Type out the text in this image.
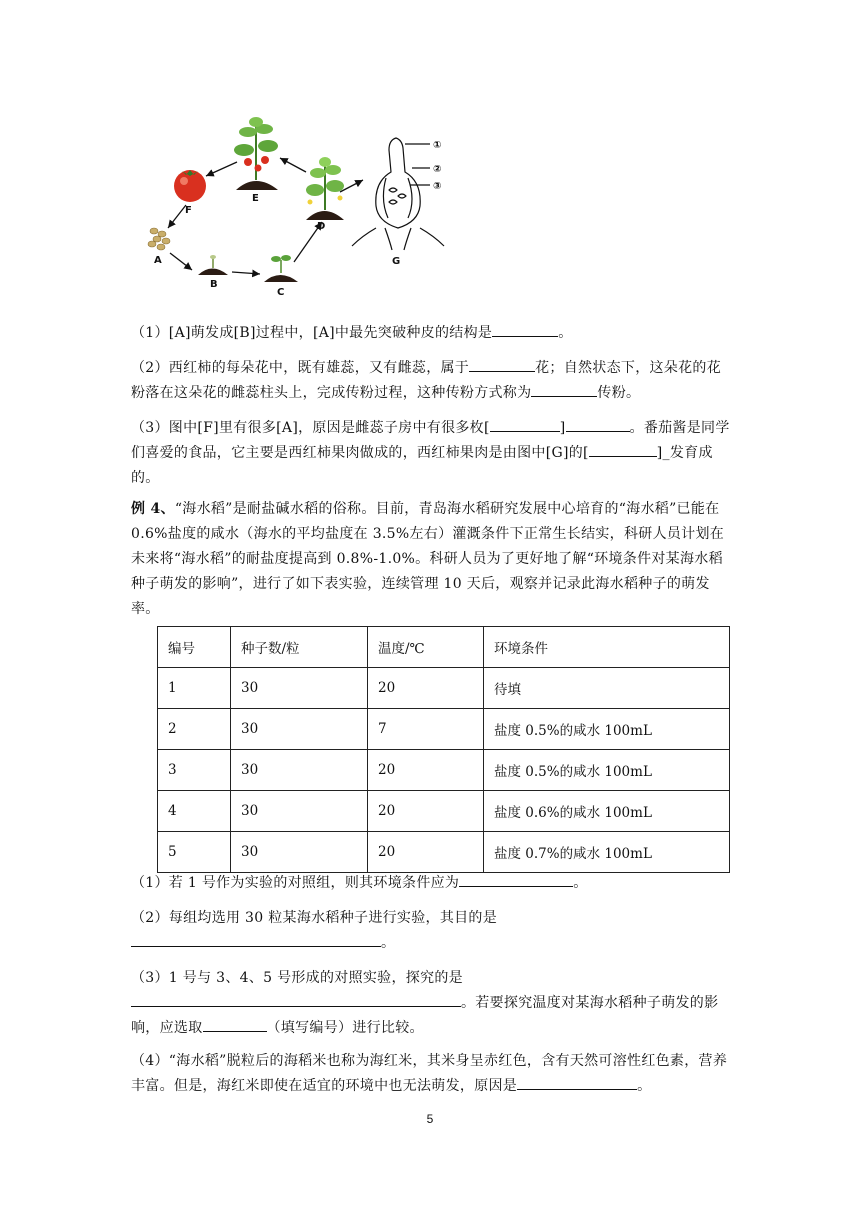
F
A
B
C
D
E
①
②
③
G
（1）[A]萌发成[B]过程中，[A]中最先突破种皮的结构是	。
（2）西红柿的每朵花中，既有雄蕊，又有雌蕊，属于	花；自然状态下，这朵花的花粉落在这朵花的雌蕊柱头上，完成传粉过程，这种传粉方式称为	传粉。
（3）图中[F]里有很多[A]，原因是雌蕊子房中有很多枚[	]	。番茄酱是同学们喜爱的食品，它主要是西红柿果肉做成的，西红柿果肉是由图中[G]的[	]_发育成的。
例 4、“海水稻”是耐盐碱水稻的俗称。目前，青岛海水稻研究发展中心培育的“海水稻”已能在 0.6%盐度的咸水（海水的平均盐度在 3.5%左右）灌溉条件下正常生长结实，科研人员计划在未来将“海水稻”的耐盐度提高到 0.8%-1.0%。科研人员为了更好地了解“环境条件对某海水稻种子萌发的影响”，进行了如下表实验，连续管理 10 天后，观察并记录此海水稻种子的萌发率。
编号	种子数/粒	温度/℃	环境条件
1	30	20	待填
2	30	7	盐度 0.5%的咸水 100mL
3	30	20	盐度 0.5%的咸水 100mL
4	30	20	盐度 0.6%的咸水 100mL
5	30	20	盐度 0.7%的咸水 100mL
（1）若 1 号作为实验的对照组，则其环境条件应为	。
（2）每组均选用 30 粒某海水稻种子进行实验，其目的是。
（3）1 号与 3、4、5 号形成的对照实验，探究的是。若要探究温度对某海水稻种子萌发的影响，应选取	（填写编号）进行比较。
（4）“海水稻”脱粒后的海稻米也称为海红米，其米身呈赤红色，含有天然可溶性红色素，营养丰富。但是，海红米即使在适宜的环境中也无法萌发，原因是	。
5
